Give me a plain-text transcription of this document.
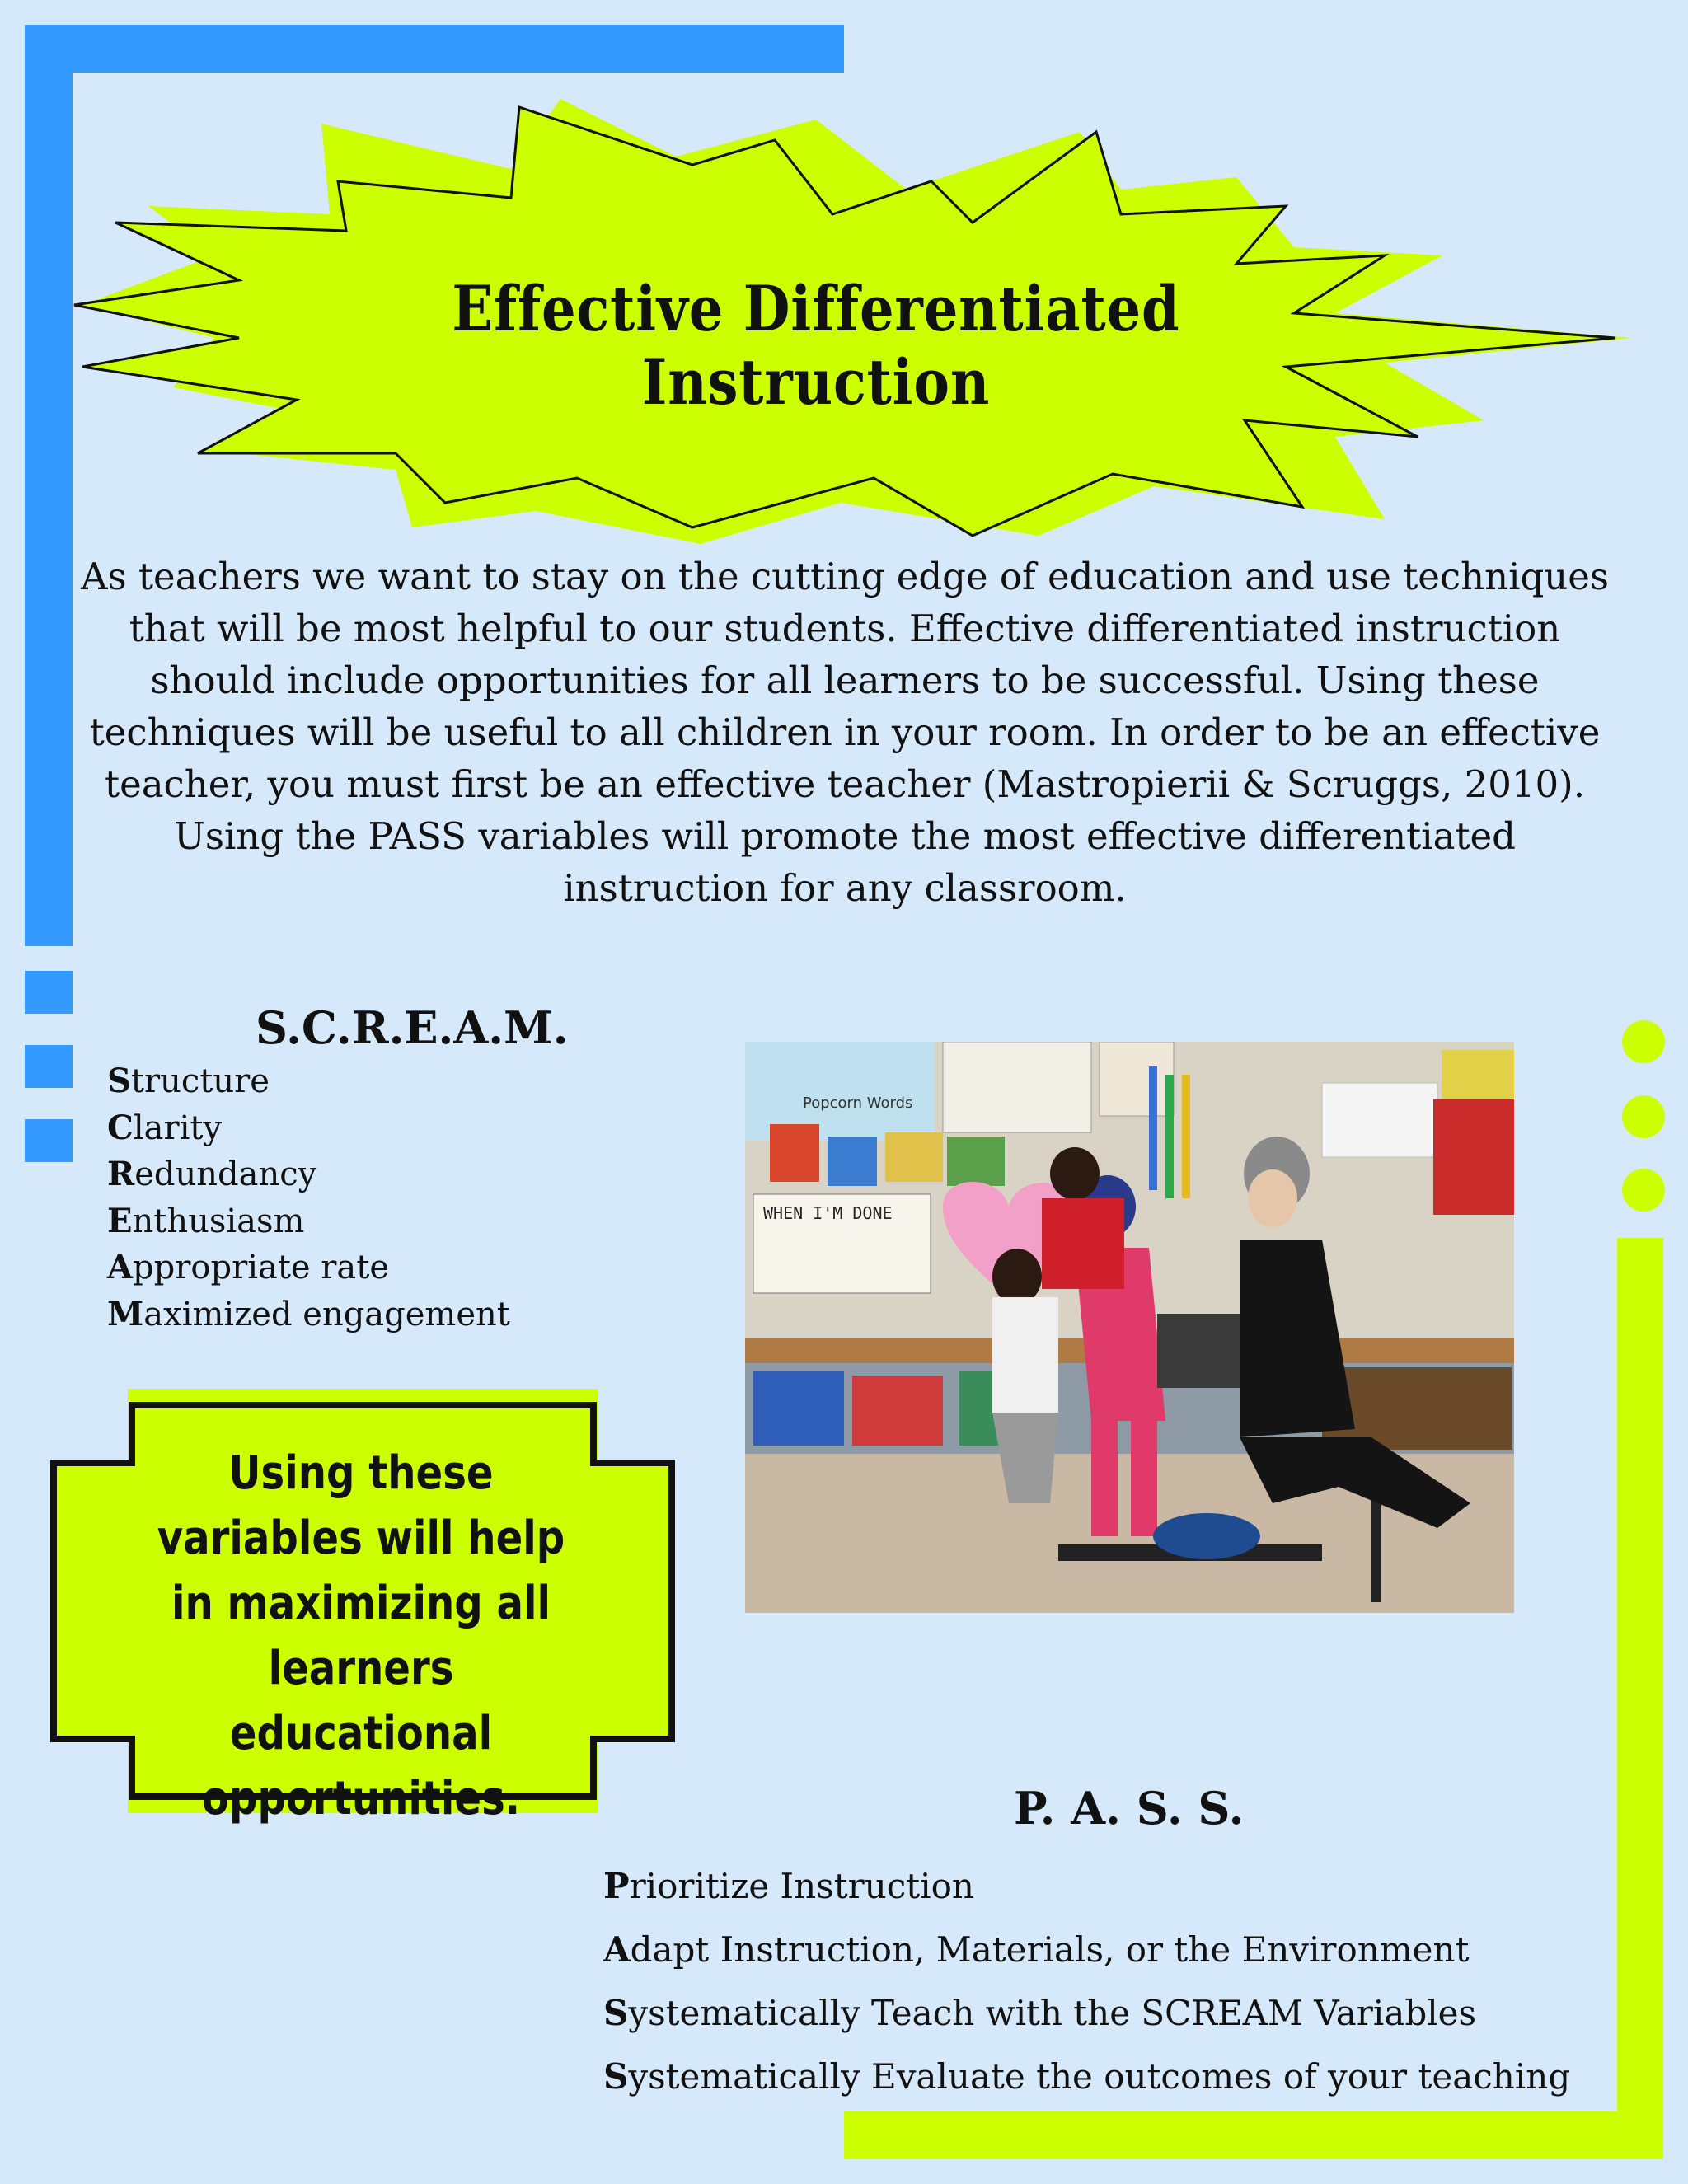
Effective Differentiated Instruction
As teachers we want to stay on the cutting edge of education and use techniques that will be most helpful to our students. Effective differentiated instruction should include opportunities for all learners to be successful. Using these techniques will be useful to all children in your room. In order to be an effective teacher, you must first be an effective teacher (Mastropierii & Scruggs, 2010). Using the PASS variables will promote the most effective differentiated instruction for any classroom.
S.C.R.E.A.M.
Structure
Clarity
Redundancy
Enthusiasm
Appropriate rate
Maximized engagement
WHEN I'M DONE
Popcorn Words
Using these variables will help in maximizing all learners educational opportunities.	P. A. S. S.
Prioritize Instruction
Adapt Instruction, Materials, or the Environment
Systematically Teach with the SCREAM Variables
Systematically Evaluate the outcomes of your teaching
